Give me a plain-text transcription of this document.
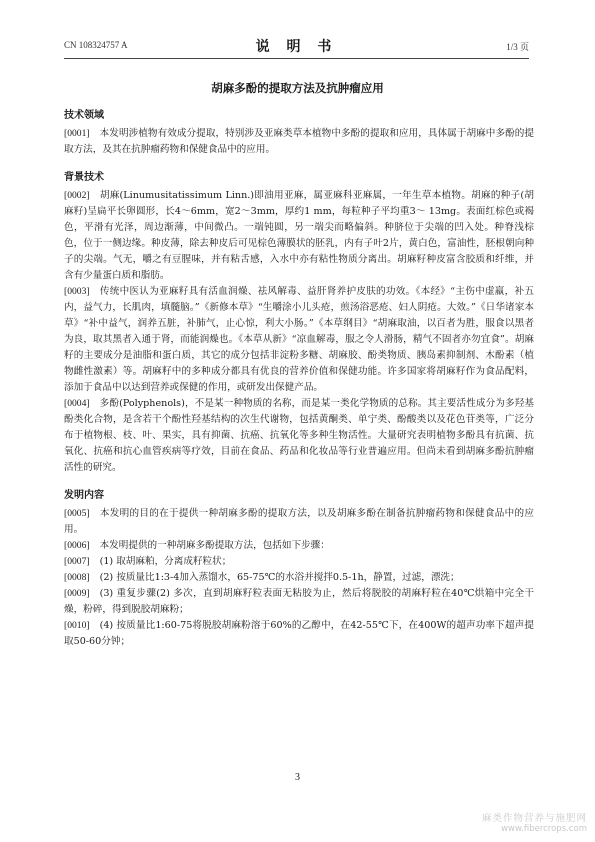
CN 108324757 A	说 明 书	1/3 页
胡麻多酚的提取方法及抗肿瘤应用
技术领域

[0001] 本发明涉植物有效成分提取，特别涉及亚麻类草本植物中多酚的提取和应用，具体属于胡麻中多酚的提取方法，及其在抗肿瘤药物和保健食品中的应用。

背景技术

[0002] 胡麻(Linumusitatissimum Linn.)即油用亚麻，属亚麻科亚麻属，一年生草本植物。胡麻的种子(胡麻籽)呈扁平长卵圆形，长4～6mm，宽2～3mm，厚约1 mm，每粒种子平均重3～ 13mg。表面红棕色或褐色，平滑有光泽，周边渐薄，中间微凸。一端钝圆，另一端尖而略偏斜。种脐位于尖端的凹入处。种脊浅棕色，位于一侧边缘。种皮薄，除去种皮后可见棕色薄膜状的胚乳，内有子叶2片，黄白色，富油性，胚根朝向种子的尖端。气无，嚼之有豆腥味，并有粘舌感，入水中亦有粘性物质分离出。胡麻籽种皮富含胶质和纤维，并含有少量蛋白质和脂肪。

[0003] 传统中医认为亚麻籽具有活血润燥、祛风解毒、益肝肾养护皮肤的功效。《本经》“主伤中虚羸，补五内，益气力，长肌肉，填髓脑。”《新修本草》“生嚼涂小儿头疮，煎汤浴恶疮、妇人阴疮。大效。”《日华诸家本草》“补中益气，润养五脏，补肺气，止心惊，利大小肠。”《本草纲目》“胡麻取油，以百者为胜，服食以黑者为良，取其黑者入通于肾，而能润燥也。《本草从新》“凉血解毒，服之令人滑肠，精气不固者亦勿宜食”。胡麻籽的主要成分是油脂和蛋白质，其它的成分包括非淀粉多糖、胡麻胶、酚类物质、胰岛素抑制剂、木酚素（植物雌性激素）等。胡麻籽中的多种成分都具有优良的营养价值和保健功能。许多国家将胡麻籽作为食品配料，添加于食品中以达到营养或保健的作用，或研发出保健产品。

[0004] 多酚(Polyphenols)，不是某一种物质的名称，而是某一类化学物质的总称。其主要活性成分为多羟基酚类化合物，是含若干个酚性羟基结构的次生代谢物，包括黄酮类、单宁类、酚酸类以及花色苷类等，广泛分布于植物根、枝、叶、果实，具有抑菌、抗癌、抗氧化等多种生物活性。大量研究表明植物多酚具有抗菌、抗氧化、抗癌和抗心血管疾病等疗效，目前在食品、药品和化妆品等行业普遍应用。但尚未看到胡麻多酚抗肿瘤活性的研究。

发明内容

[0005] 本发明的目的在于提供一种胡麻多酚的提取方法，以及胡麻多酚在制备抗肿瘤药物和保健食品中的应用。

[0006] 本发明提供的一种胡麻多酚提取方法，包括如下步骤：

[0007] (1) 取胡麻粕，分离成籽粒状；

[0008] (2) 按质量比1:3-4加入蒸馏水，65-75℃的水浴并搅拌0.5-1h，静置，过滤，漂洗；

[0009] (3) 重复步骤(2) 多次，直到胡麻籽粒表面无粘胶为止，然后将脱胶的胡麻籽粒在40℃烘箱中完全干燥，粉碎，得到脱胶胡麻粉；

[0010] (4) 按质量比1:60-75将脱胶胡麻粉溶于60%的乙醇中，在42-55℃下，在400W的超声功率下超声提取50-60分钟；

3
麻类作物营养与施肥网
www.fibercrops.com
